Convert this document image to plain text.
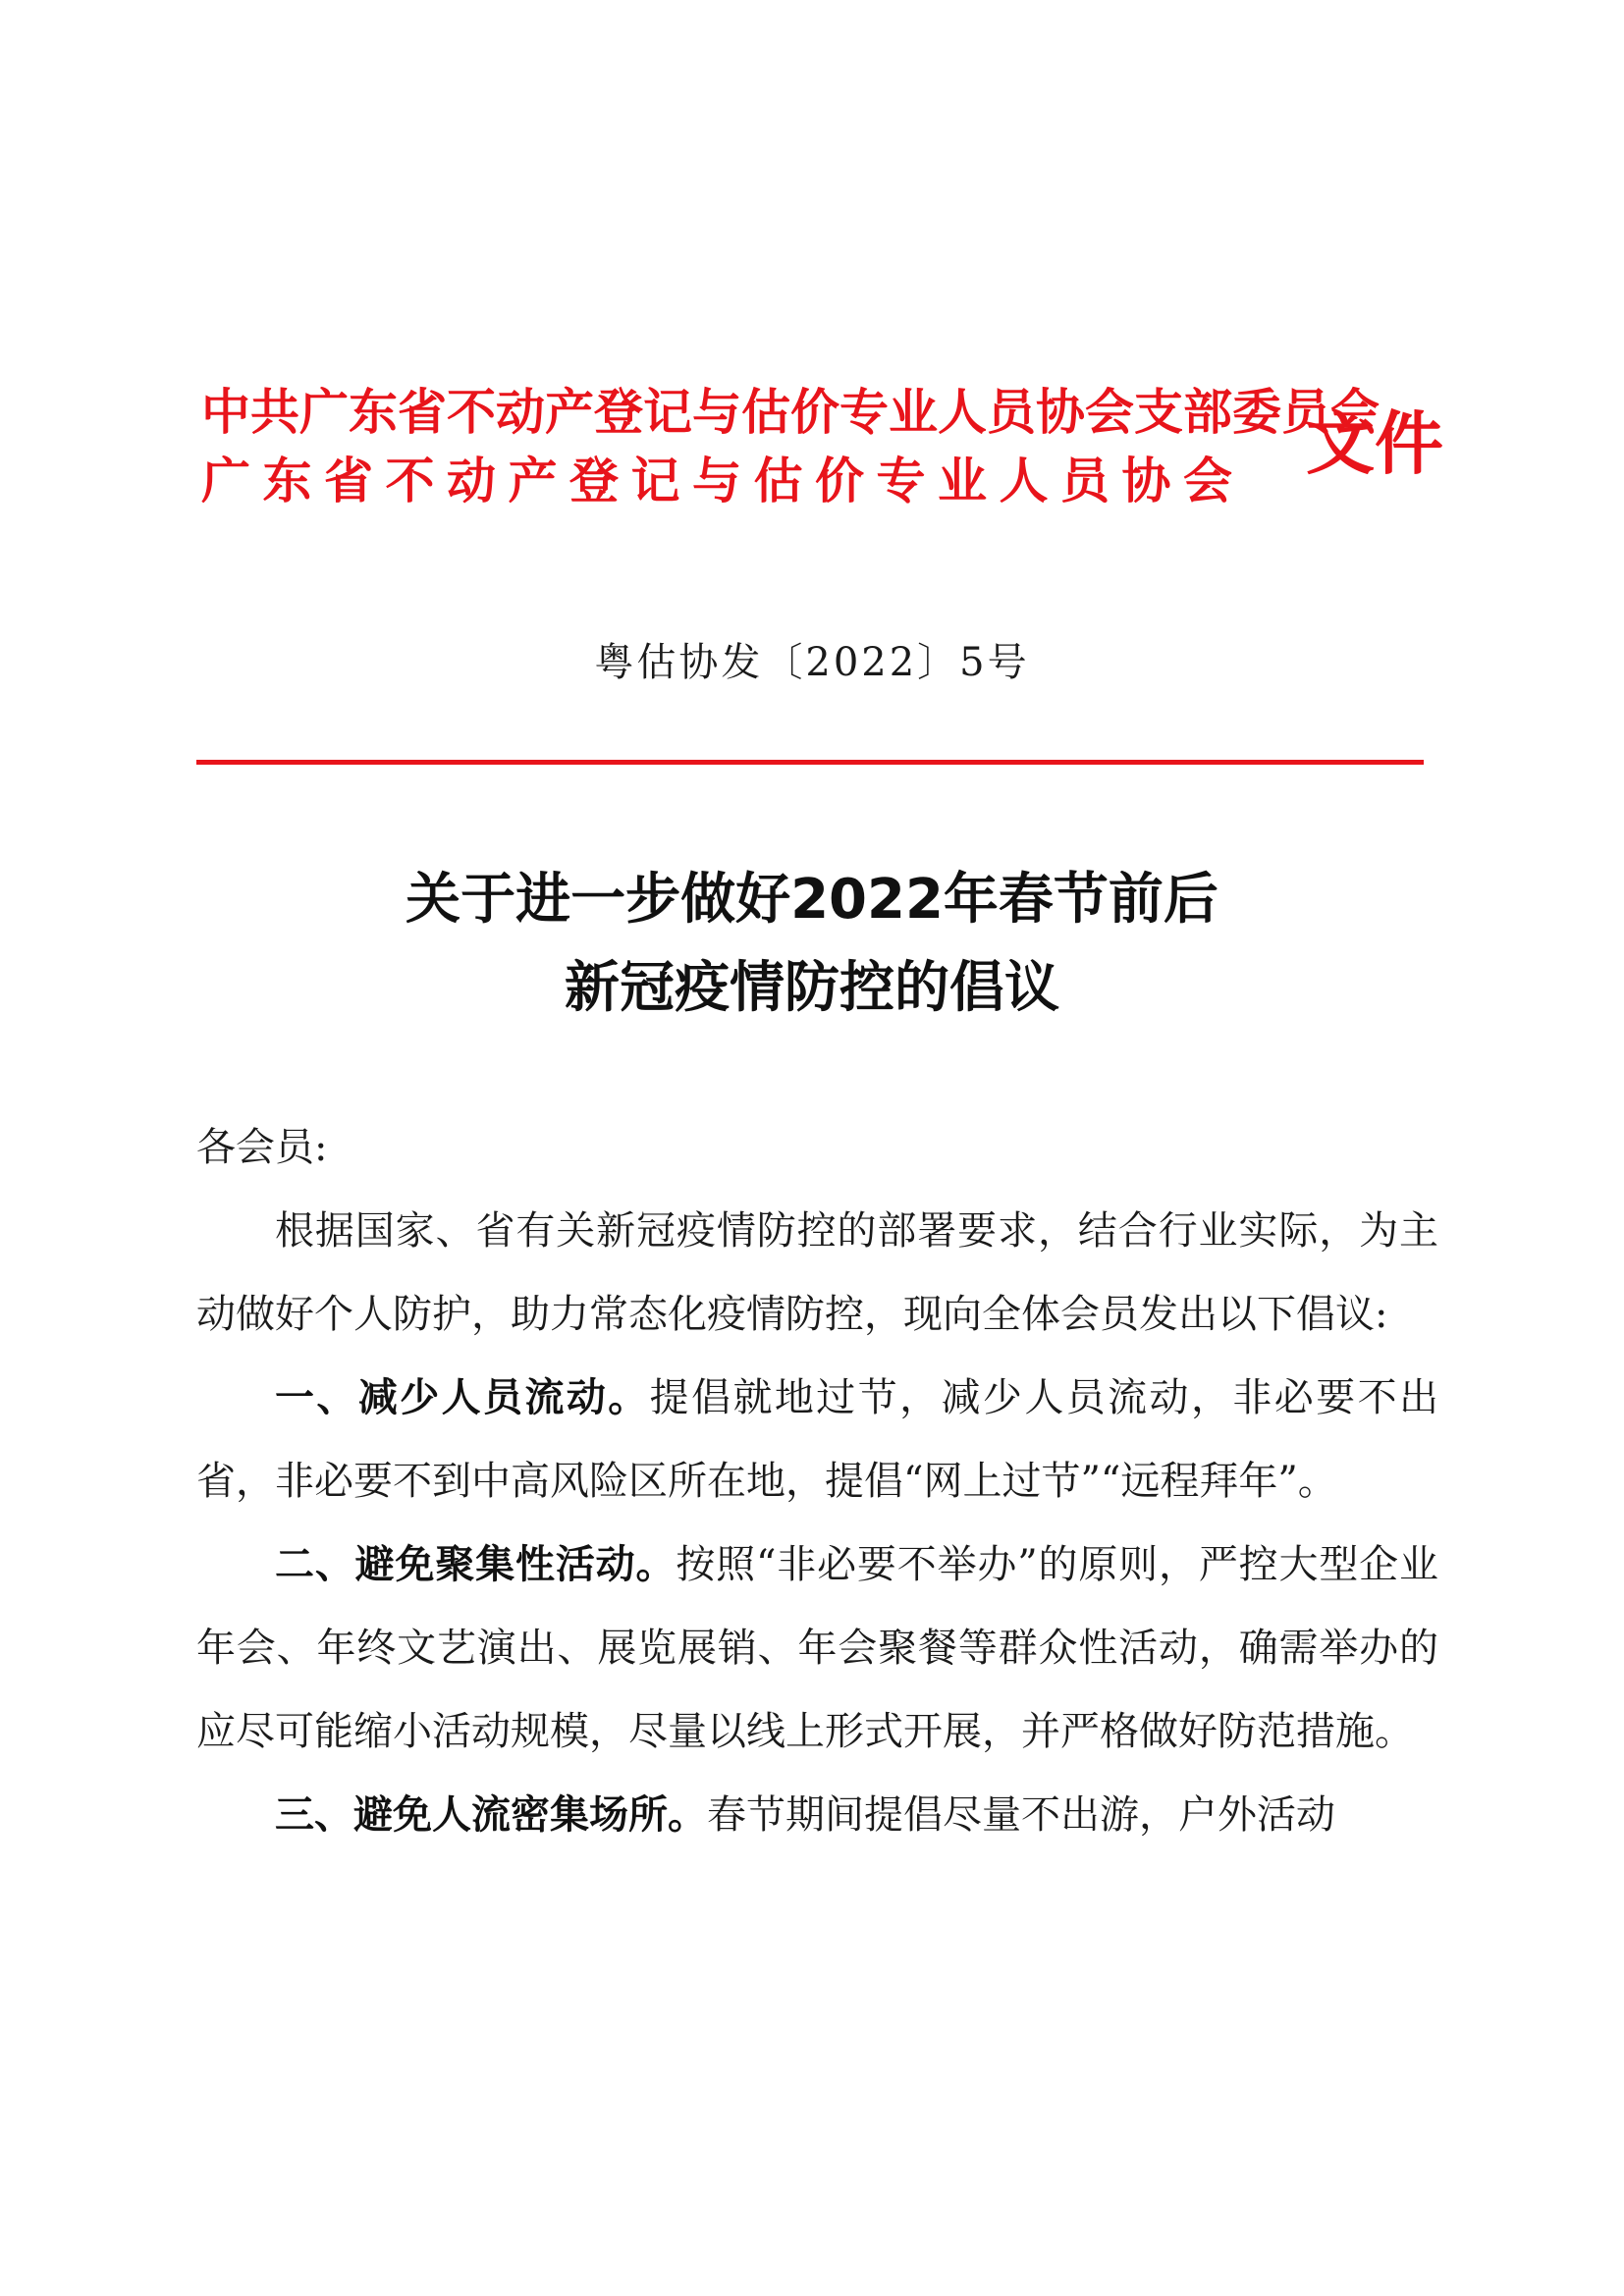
中共广东省不动产登记与估价专业人员协会支部委员会
广东省不动产登记与估价专业人员协会 文件
粤估协发〔2022〕5号
关于进一步做好2022年春节前后
新冠疫情防控的倡议

各会员:

根据国家、省有关新冠疫情防控的部署要求，结合行业实际，为主动做好个人防护，助力常态化疫情防控，现向全体会员发出以下倡议:

一、减少人员流动。提倡就地过节，减少人员流动，非必要不出省，非必要不到中高风险区所在地，提倡“网上过节”“远程拜年”。

二、避免聚集性活动。按照“非必要不举办”的原则，严控大型企业年会、年终文艺演出、展览展销、年会聚餐等群众性活动，确需举办的应尽可能缩小活动规模，尽量以线上形式开展，并严格做好防范措施。

三、避免人流密集场所。春节期间提倡尽量不出游，户外活动
